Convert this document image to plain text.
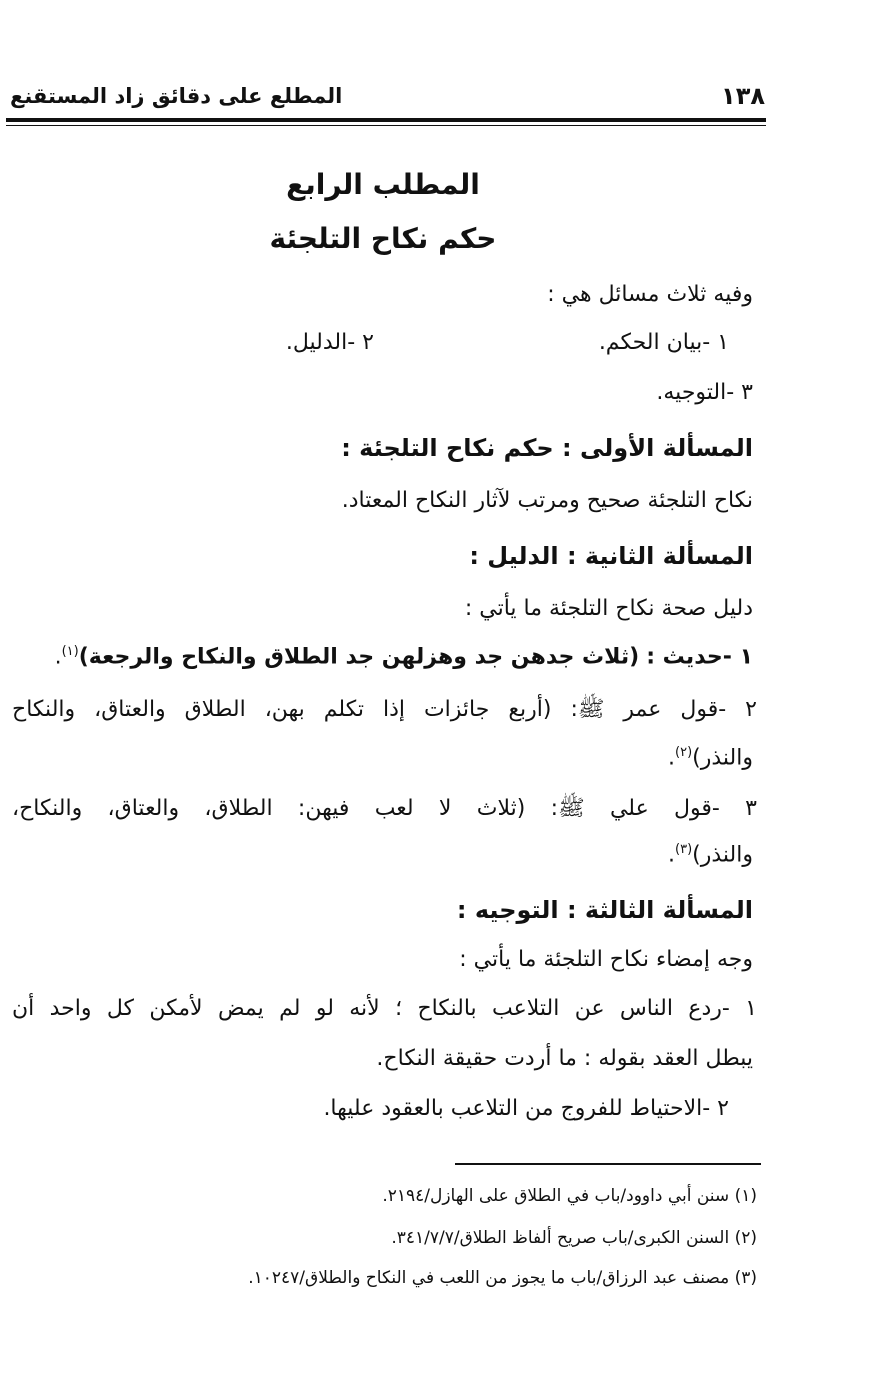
١٣٨
المطلع على دقائق زاد المستقنع
المطلب الرابع
حكم نكاح التلجئة
وفيه ثلاث مسائل هي :
١ -بيان الحكم.
٢ -الدليل.
٣ -التوجيه.
المسألة الأولى : حكم نكاح التلجئة :
نكاح التلجئة صحيح ومرتب لآثار النكاح المعتاد.
المسألة الثانية : الدليل :
دليل صحة نكاح التلجئة ما يأتي :
١ -حديث : (ثلاث جدهن جد وهزلهن جد الطلاق والنكاح والرجعة)$^{(١)}$.
٢ -قول عمر ﷺ: (أربع جائزات إذا تكلم بهن، الطلاق والعتاق، والنكاح
والنذر)$^{(٢)}$.
٣ -قول علي ﷺ: (ثلاث لا لعب فيهن: الطلاق، والعتاق، والنكاح،
والنذر)$^{(٣)}$.
المسألة الثالثة : التوجيه :
وجه إمضاء نكاح التلجئة ما يأتي :
١ -ردع الناس عن التلاعب بالنكاح ؛ لأنه لو لم يمض لأمكن كل واحد أن
يبطل العقد بقوله : ما أردت حقيقة النكاح.
٢ -الاحتياط للفروج من التلاعب بالعقود عليها.
(١) سنن أبي داوود/باب في الطلاق على الهازل/٢١٩٤.
(٢) السنن الكبرى/باب صريح ألفاظ الطلاق/٣٤١/٧/٧.
(٣) مصنف عبد الرزاق/باب ما يجوز من اللعب في النكاح والطلاق/١٠٢٤٧.
